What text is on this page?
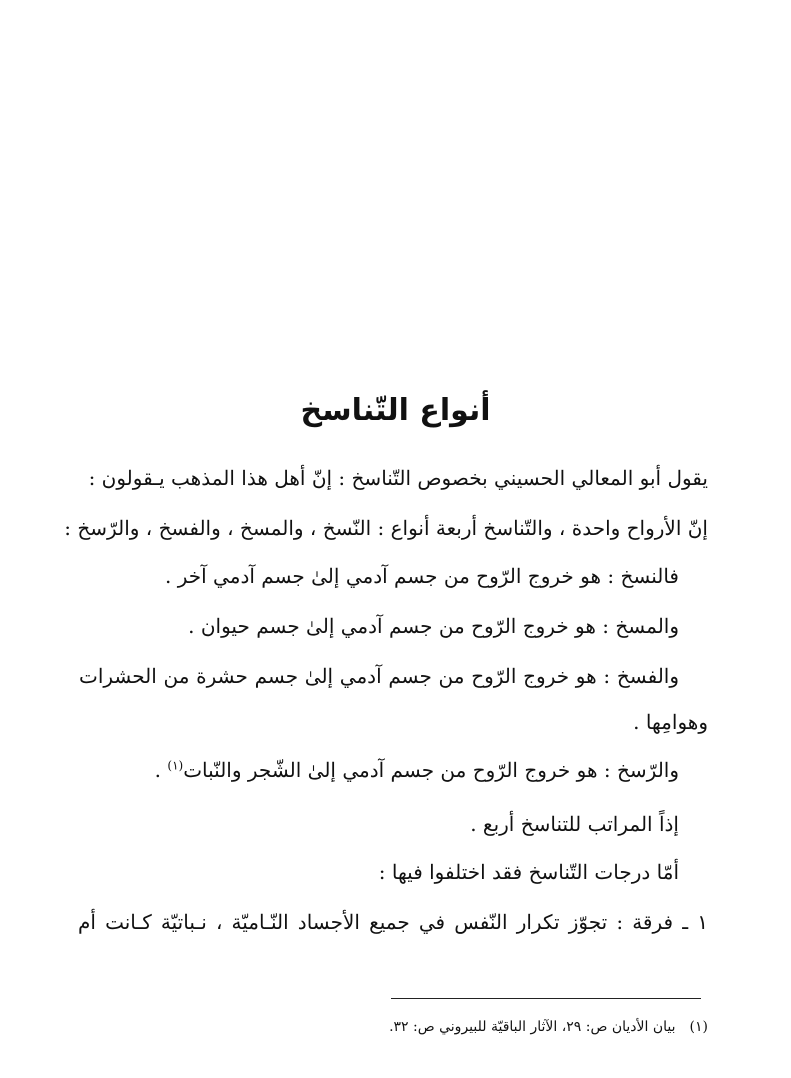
أنواع التّناسخ

يقول أبو المعالي الحسيني بخصوص التّناسخ : إنّ أهل هذا المذهب يـقولون :

إنّ الأرواح واحدة ، والتّناسخ أربعة أنواع : النّسخ ، والمسخ ، والفسخ ، والرّسخ :

فالنسخ : هو خروج الرّوح من جسم آدمي إلىٰ جسم آدمي آخر .

والمسخ : هو خروج الرّوح من جسم آدمي إلىٰ جسم حيوان .

والفسخ : هو خروج الرّوح من جسم آدمي إلىٰ جسم حشرة من الحشرات

وهوامِها .

والرّسخ : هو خروج الرّوح من جسم آدمي إلىٰ الشّجر والنّبات$^{(١)}$ .

إذاً المراتب للتناسخ أربع .

أمّا درجات التّناسخ فقد اختلفوا فيها :

١ ـ فرقة : تجوّز تكرار النّفس في جميع الأجساد النّـاميّة ، نـباتيّة كـانت أم

(١)بيان الأديان ص: ٢٩، الآثار الباقيّة للبيروني ص: ٣٢.
